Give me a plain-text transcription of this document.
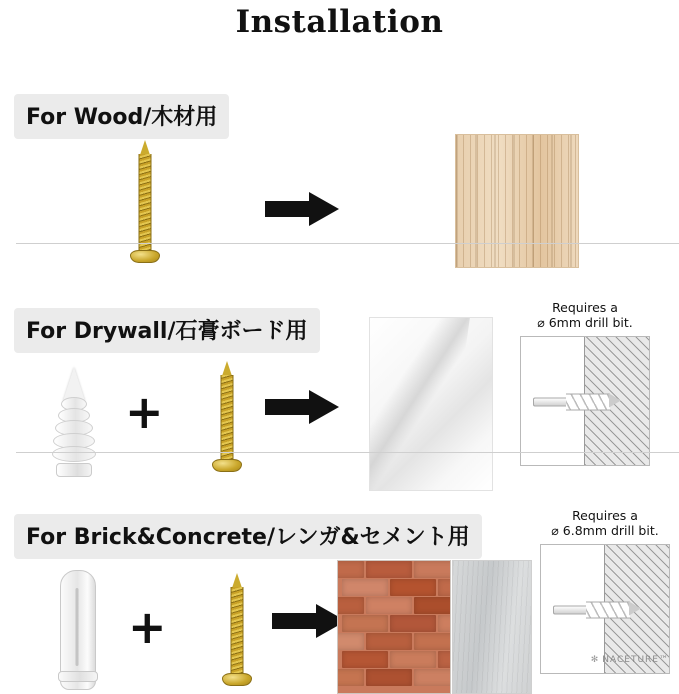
Installation
For Wood/木材用
For Drywall/石膏ボード用
+
Requires a
⌀ 6mm drill bit.
For Brick&Concrete/レンガ&セメント用
+
Requires a
⌀ 6.8mm drill bit.
✻ NACETURE™
